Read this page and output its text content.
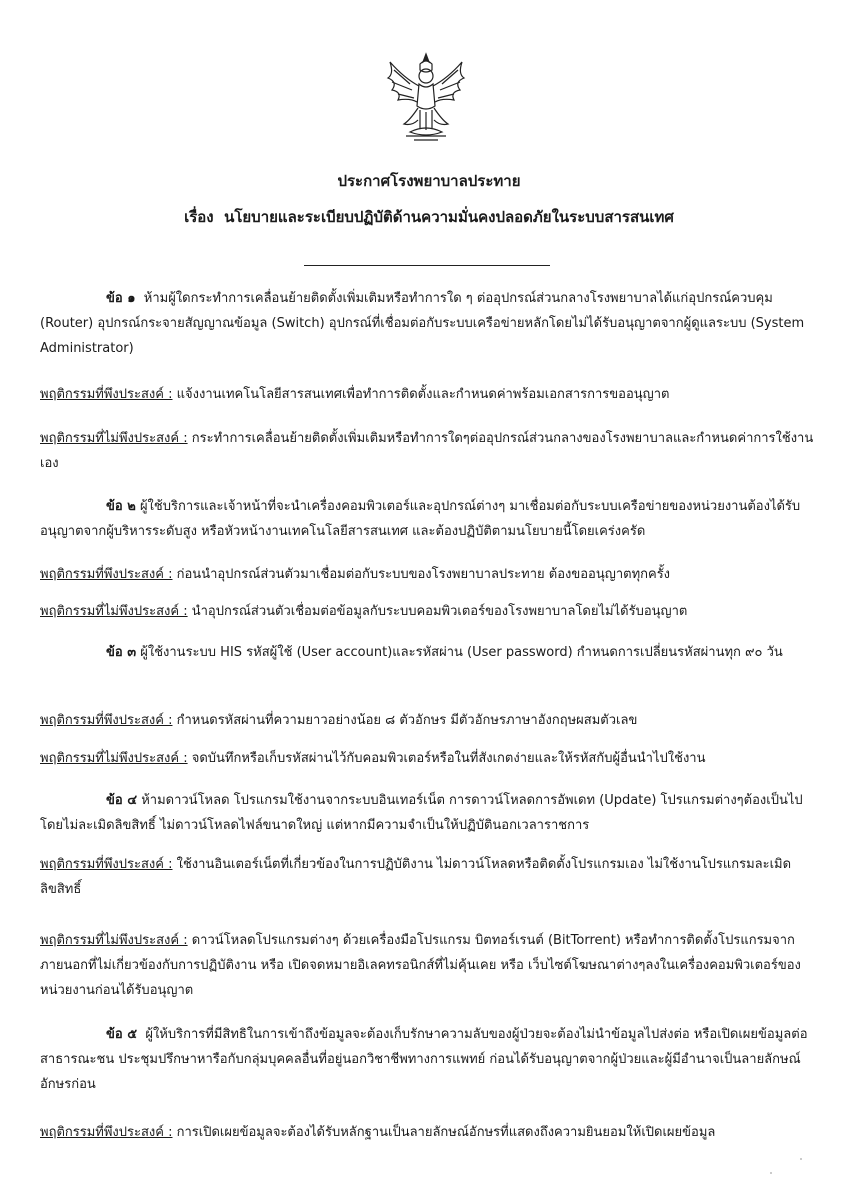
ประกาศโรงพยาบาลประทาย
เรื่อง นโยบายและระเบียบปฏิบัติด้านความมั่นคงปลอดภัยในระบบสารสนเทศ

ข้อ ๑ ห้ามผู้ใดกระทำการเคลื่อนย้ายติดตั้งเพิ่มเติมหรือทำการใด ๆ ต่ออุปกรณ์ส่วนกลางโรงพยาบาลได้แก่อุปกรณ์ควบคุม (Router) อุปกรณ์กระจายสัญญาณข้อมูล (Switch) อุปกรณ์ที่เชื่อมต่อกับระบบเครือข่ายหลักโดยไม่ได้รับอนุญาตจากผู้ดูแลระบบ (System Administrator)

พฤติกรรมที่พึงประสงค์ : แจ้งงานเทคโนโลยีสารสนเทศเพื่อทำการติดตั้งและกำหนดค่าพร้อมเอกสารการขออนุญาต

พฤติกรรมที่ไม่พึงประสงค์ : กระทำการเคลื่อนย้ายติดตั้งเพิ่มเติมหรือทำการใดๆต่ออุปกรณ์ส่วนกลางของโรงพยาบาลและกำหนดค่าการใช้งานเอง

ข้อ ๒ ผู้ใช้บริการและเจ้าหน้าที่จะนำเครื่องคอมพิวเตอร์และอุปกรณ์ต่างๆ มาเชื่อมต่อกับระบบเครือข่ายของหน่วยงานต้องได้รับอนุญาตจากผู้บริหารระดับสูง หรือหัวหน้างานเทคโนโลยีสารสนเทศ และต้องปฏิบัติตามนโยบายนี้โดยเคร่งครัด

พฤติกรรมที่พึงประสงค์ : ก่อนนำอุปกรณ์ส่วนตัวมาเชื่อมต่อกับระบบของโรงพยาบาลประทาย ต้องขออนุญาตทุกครั้ง

พฤติกรรมที่ไม่พึงประสงค์ : นำอุปกรณ์ส่วนตัวเชื่อมต่อข้อมูลกับระบบคอมพิวเตอร์ของโรงพยาบาลโดยไม่ได้รับอนุญาต

ข้อ ๓ ผู้ใช้งานระบบ HIS รหัสผู้ใช้ (User account)และรหัสผ่าน (User password) กำหนดการเปลี่ยนรหัสผ่านทุก ๙๐ วัน

พฤติกรรมที่พึงประสงค์ : กำหนดรหัสผ่านที่ความยาวอย่างน้อย ๘ ตัวอักษร มีตัวอักษรภาษาอังกฤษผสมตัวเลข

พฤติกรรมที่ไม่พึงประสงค์ : จดบันทึกหรือเก็บรหัสผ่านไว้กับคอมพิวเตอร์หรือในที่สังเกตง่ายและให้รหัสกับผู้อื่นนำไปใช้งาน

ข้อ ๔ ห้ามดาวน์โหลด โปรแกรมใช้งานจากระบบอินเทอร์เน็ต การดาวน์โหลดการอัพเดท (Update) โปรแกรมต่างๆต้องเป็นไปโดยไม่ละเมิดลิขสิทธิ์ ไม่ดาวน์โหลดไฟล์ขนาดใหญ่ แต่หากมีความจำเป็นให้ปฏิบัตินอกเวลาราชการ

พฤติกรรมที่พึงประสงค์ : ใช้งานอินเตอร์เน็ตที่เกี่ยวข้องในการปฏิบัติงาน ไม่ดาวน์โหลดหรือติดตั้งโปรแกรมเอง ไม่ใช้งานโปรแกรมละเมิดลิขสิทธิ์

พฤติกรรมที่ไม่พึงประสงค์ : ดาวน์โหลดโปรแกรมต่างๆ ด้วยเครื่องมือโปรแกรม บิตทอร์เรนต์ (BitTorrent) หรือทำการติดตั้งโปรแกรมจากภายนอกที่ไม่เกี่ยวข้องกับการปฏิบัติงาน หรือ เปิดจดหมายอิเลคทรอนิกส์ที่ไม่คุ้นเคย หรือ เว็บไซต์โฆษณาต่างๆลงในเครื่องคอมพิวเตอร์ของหน่วยงานก่อนได้รับอนุญาต

ข้อ ๕ ผู้ให้บริการที่มีสิทธิในการเข้าถึงข้อมูลจะต้องเก็บรักษาความลับของผู้ป่วยจะต้องไม่นำข้อมูลไปส่งต่อ หรือเปิดเผยข้อมูลต่อสาธารณะชน ประชุมปรึกษาหารือกับกลุ่มบุคคลอื่นที่อยู่นอกวิชาชีพทางการแพทย์ ก่อนได้รับอนุญาตจากผู้ป่วยและผู้มีอำนาจเป็นลายลักษณ์อักษรก่อน

พฤติกรรมที่พึงประสงค์ : การเปิดเผยข้อมูลจะต้องได้รับหลักฐานเป็นลายลักษณ์อักษรที่แสดงถึงความยินยอมให้เปิดเผยข้อมูล
